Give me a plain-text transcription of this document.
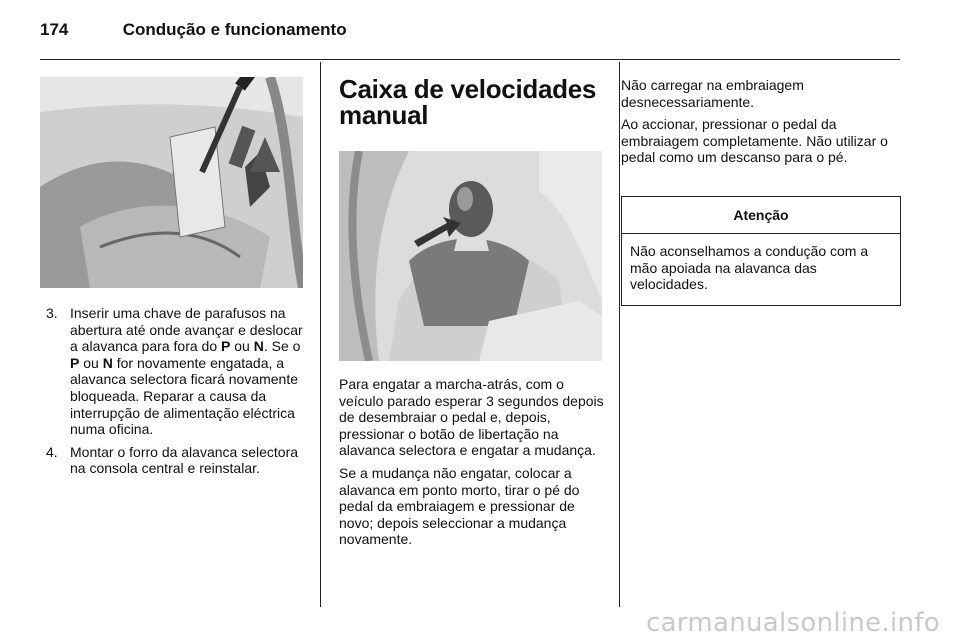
174	Condução e funcionamento
3. Inserir uma chave de parafusos na abertura até onde avançar e deslocar a alavanca para fora do P ou N. Se o P ou N for novamente engatada, a alavanca selectora ficará novamente bloqueada. Reparar a causa da interrupção de alimentação eléctrica numa oficina.
4. Montar o forro da alavanca selectora na consola central e reinstalar.
Caixa de velocidades manual

Para engatar a marcha-atrás, com o veículo parado esperar 3 segundos depois de desembraiar o pedal e, depois, pressionar o botão de libertação na alavanca selectora e engatar a mudança.

Se a mudança não engatar, colocar a alavanca em ponto morto, tirar o pé do pedal da embraiagem e pressionar de novo; depois seleccionar a mudança novamente.

Não carregar na embraiagem desnecessariamente.

Ao accionar, pressionar o pedal da embraiagem completamente. Não utilizar o pedal como um descanso para o pé.

Atenção
Não aconselhamos a condução com a mão apoiada na alavanca das velocidades.
carmanualsonline.info
